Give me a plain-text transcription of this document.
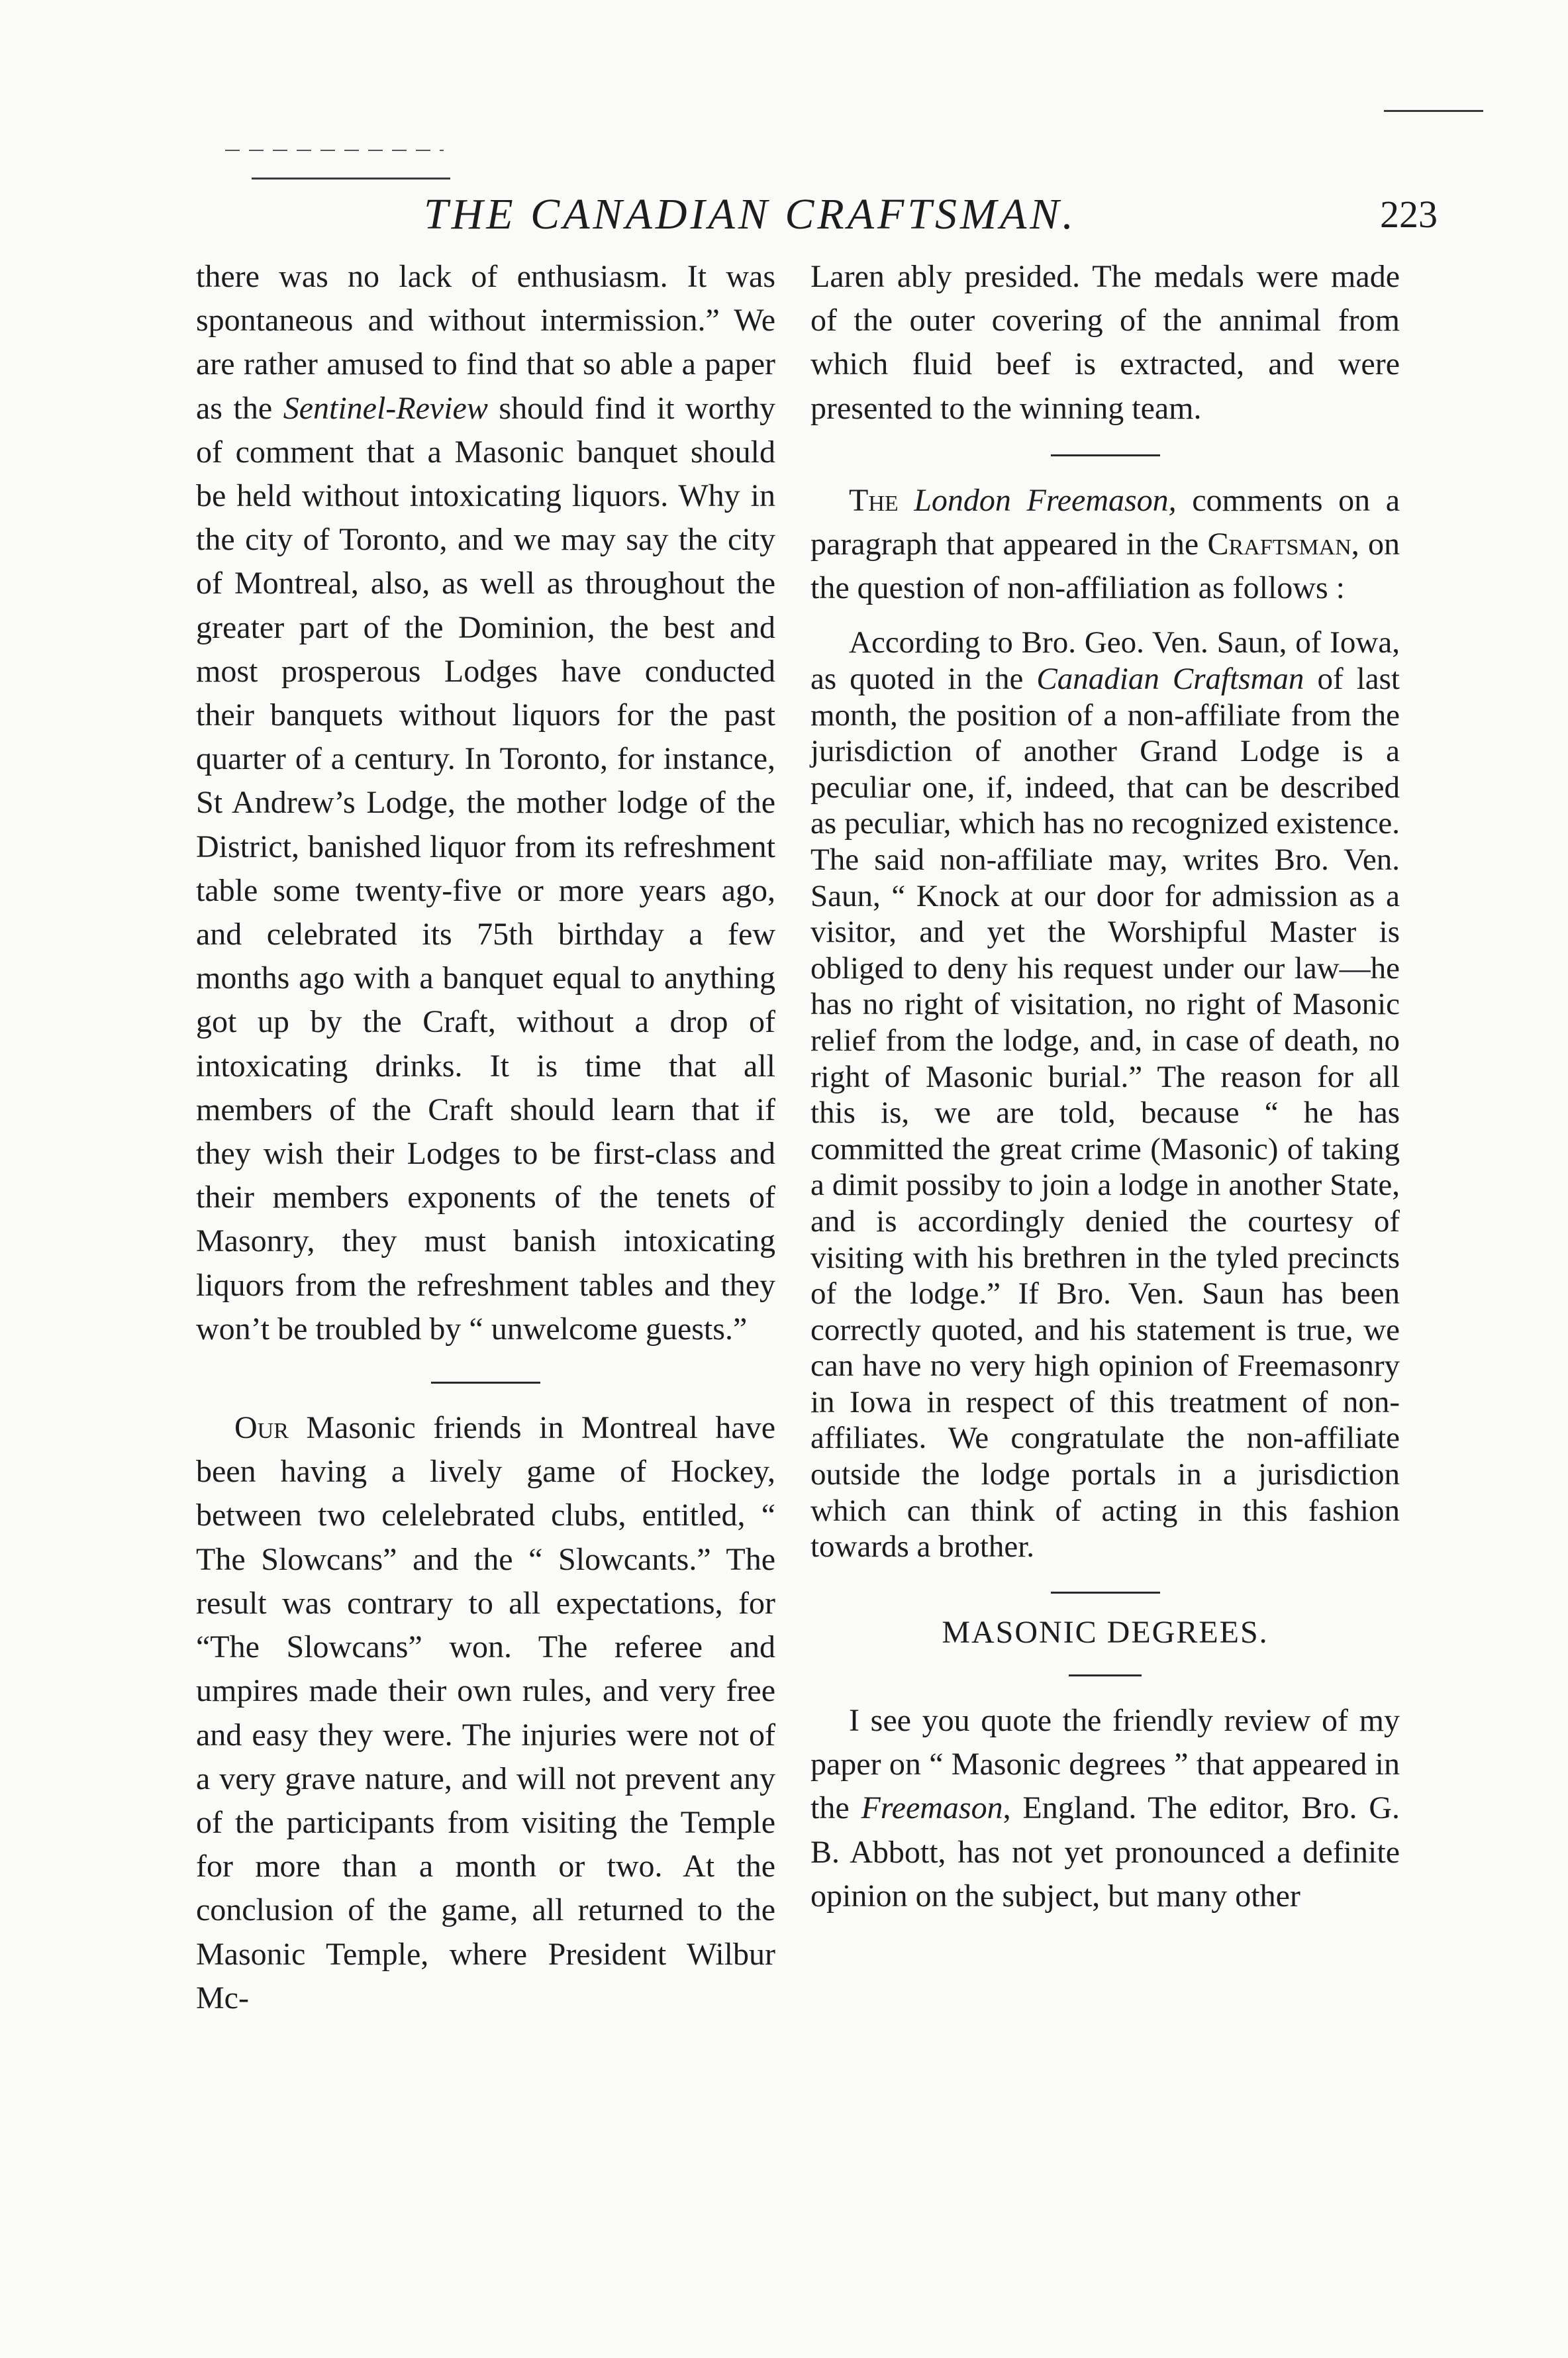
THE CANADIAN CRAFTSMAN.	223

there was no lack of enthusiasm. It was spontaneous and without intermission.” We are rather amused to find that so able a paper as the Sentinel-Review should find it worthy of comment that a Masonic banquet should be held without intoxicating liquors. Why in the city of Toronto, and we may say the city of Montreal, also, as well as throughout the greater part of the Dominion, the best and most prosperous Lodges have conducted their banquets without liquors for the past quarter of a century. In Toronto, for instance, St Andrew’s Lodge, the mother lodge of the District, banished liquor from its refreshment table some twenty-five or more years ago, and celebrated its 75th birthday a few months ago with a banquet equal to anything got up by the Craft, without a drop of intoxicating drinks. It is time that all members of the Craft should learn that if they wish their Lodges to be first-class and their members exponents of the tenets of Masonry, they must banish intoxicating liquors from the refreshment tables and they won’t be troubled by “ unwelcome guests.”

Our Masonic friends in Montreal have been having a lively game of Hockey, between two celelebrated clubs, entitled, “ The Slowcans” and the “ Slowcants.” The result was contrary to all expectations, for “The Slowcans” won. The referee and umpires made their own rules, and very free and easy they were. The injuries were not of a very grave nature, and will not prevent any of the participants from visiting the Temple for more than a month or two. At the conclusion of the game, all returned to the Masonic Temple, where President Wilbur Mc-

Laren ably presided. The medals were made of the outer covering of the annimal from which fluid beef is extracted, and were presented to the winning team.

The London Freemason, comments on a paragraph that appeared in the Craftsman, on the question of non-affiliation as follows :

According to Bro. Geo. Ven. Saun, of Iowa, as quoted in the Canadian Craftsman of last month, the position of a non-affiliate from the jurisdiction of another Grand Lodge is a peculiar one, if, indeed, that can be described as peculiar, which has no recognized existence. The said non-affiliate may, writes Bro. Ven. Saun, “ Knock at our door for admission as a visitor, and yet the Worshipful Master is obliged to deny his request under our law—he has no right of visitation, no right of Masonic relief from the lodge, and, in case of death, no right of Masonic burial.” The reason for all this is, we are told, because “ he has committed the great crime (Masonic) of taking a dimit possiby to join a lodge in another State, and is accordingly denied the courtesy of visiting with his brethren in the tyled precincts of the lodge.” If Bro. Ven. Saun has been correctly quoted, and his statement is true, we can have no very high opinion of Freemasonry in Iowa in respect of this treatment of non-affiliates. We congratulate the non-affiliate outside the lodge portals in a jurisdiction which can think of acting in this fashion towards a brother.

MASONIC DEGREES.

I see you quote the friendly review of my paper on “ Masonic degrees ” that appeared in the Freemason, England. The editor, Bro. G. B. Abbott, has not yet pronounced a definite opinion on the subject, but many other
